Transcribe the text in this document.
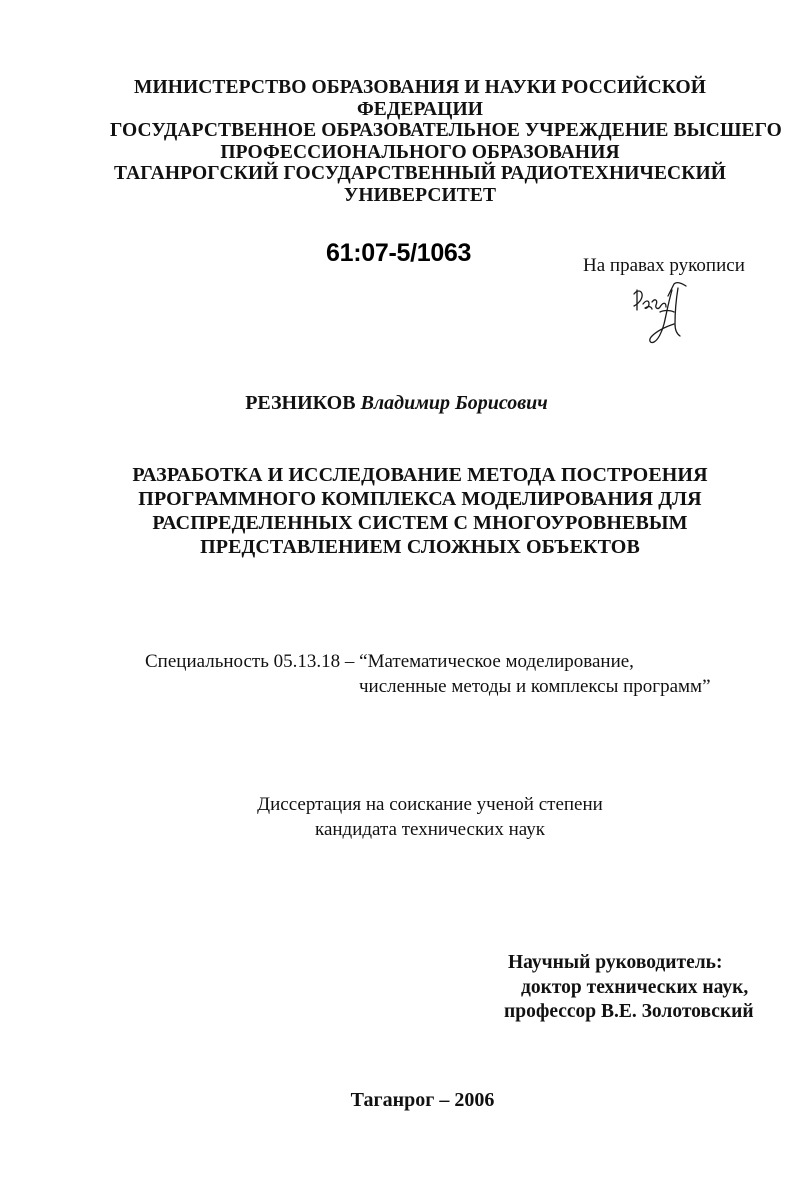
МИНИСТЕРСТВО ОБРАЗОВАНИЯ И НАУКИ РОССИЙСКОЙ
ФЕДЕРАЦИИ
ГОСУДАРСТВЕННОЕ ОБРАЗОВАТЕЛЬНОЕ УЧРЕЖДЕНИЕ ВЫСШЕГО
ПРОФЕССИОНАЛЬНОГО ОБРАЗОВАНИЯ
ТАГАНРОГСКИЙ ГОСУДАРСТВЕННЫЙ РАДИОТЕХНИЧЕСКИЙ
УНИВЕРСИТЕТ
61:07-5/1063	На правах рукописи
РЕЗНИКОВ Владимир Борисович
РАЗРАБОТКА И ИССЛЕДОВАНИЕ МЕТОДА ПОСТРОЕНИЯ
ПРОГРАММНОГО КОМПЛЕКСА МОДЕЛИРОВАНИЯ ДЛЯ
РАСПРЕДЕЛЕННЫХ СИСТЕМ С МНОГОУРОВНЕВЫМ
ПРЕДСТАВЛЕНИЕМ СЛОЖНЫХ ОБЪЕКТОВ
Специальность 05.13.18 – “Математическое моделирование,
численные методы и комплексы программ”
Диссертация на соискание ученой степени
кандидата технических наук
Научный руководитель:
доктор технических наук,
профессор В.Е. Золотовский
Таганрог – 2006
